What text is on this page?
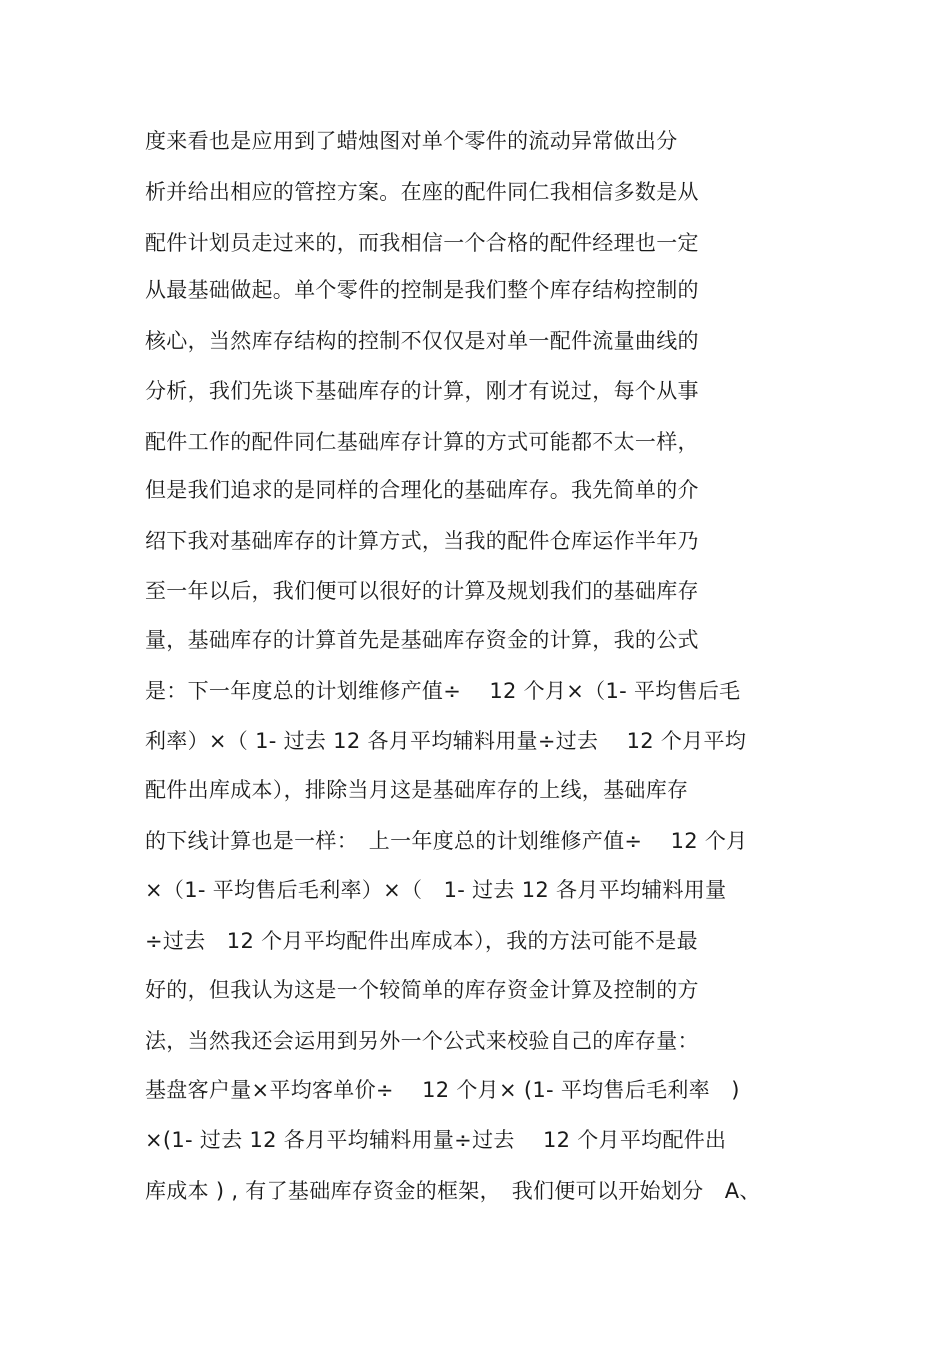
度来看也是应用到了蜡烛图对单个零件的流动异常做出分
析并给出相应的管控方案。在座的配件同仁我相信多数是从
配件计划员走过来的，而我相信一个合格的配件经理也一定
从最基础做起。单个零件的控制是我们整个库存结构控制的
核心，当然库存结构的控制不仅仅是对单一配件流量曲线的
分析，我们先谈下基础库存的计算，刚才有说过，每个从事
配件工作的配件同仁基础库存计算的方式可能都不太一样，
但是我们追求的是同样的合理化的基础库存。我先简单的介
绍下我对基础库存的计算方式，当我的配件仓库运作半年乃
至一年以后，我们便可以很好的计算及规划我们的基础库存
量，基础库存的计算首先是基础库存资金的计算，我的公式
是：下一年度总的计划维修产值÷　 12 个月×（1- 平均售后毛
利率）×（ 1- 过去 12 各月平均辅料用量÷过去　 12 个月平均
配件出库成本），排除当月这是基础库存的上线，基础库存
的下线计算也是一样：　上一年度总的计划维修产值÷　 12 个月
×（1- 平均售后毛利率）×（　1- 过去 12 各月平均辅料用量
÷过去　12 个月平均配件出库成本），我的方法可能不是最
好的，但我认为这是一个较简单的库存资金计算及控制的方
法，当然我还会运用到另外一个公式来校验自己的库存量：
基盘客户量×平均客单价÷　 12 个月× (1- 平均售后毛利率　)
×(1- 过去 12 各月平均辅料用量÷过去　 12 个月平均配件出
库成本 ) , 有了基础库存资金的框架，　我们便可以开始划分　A、
